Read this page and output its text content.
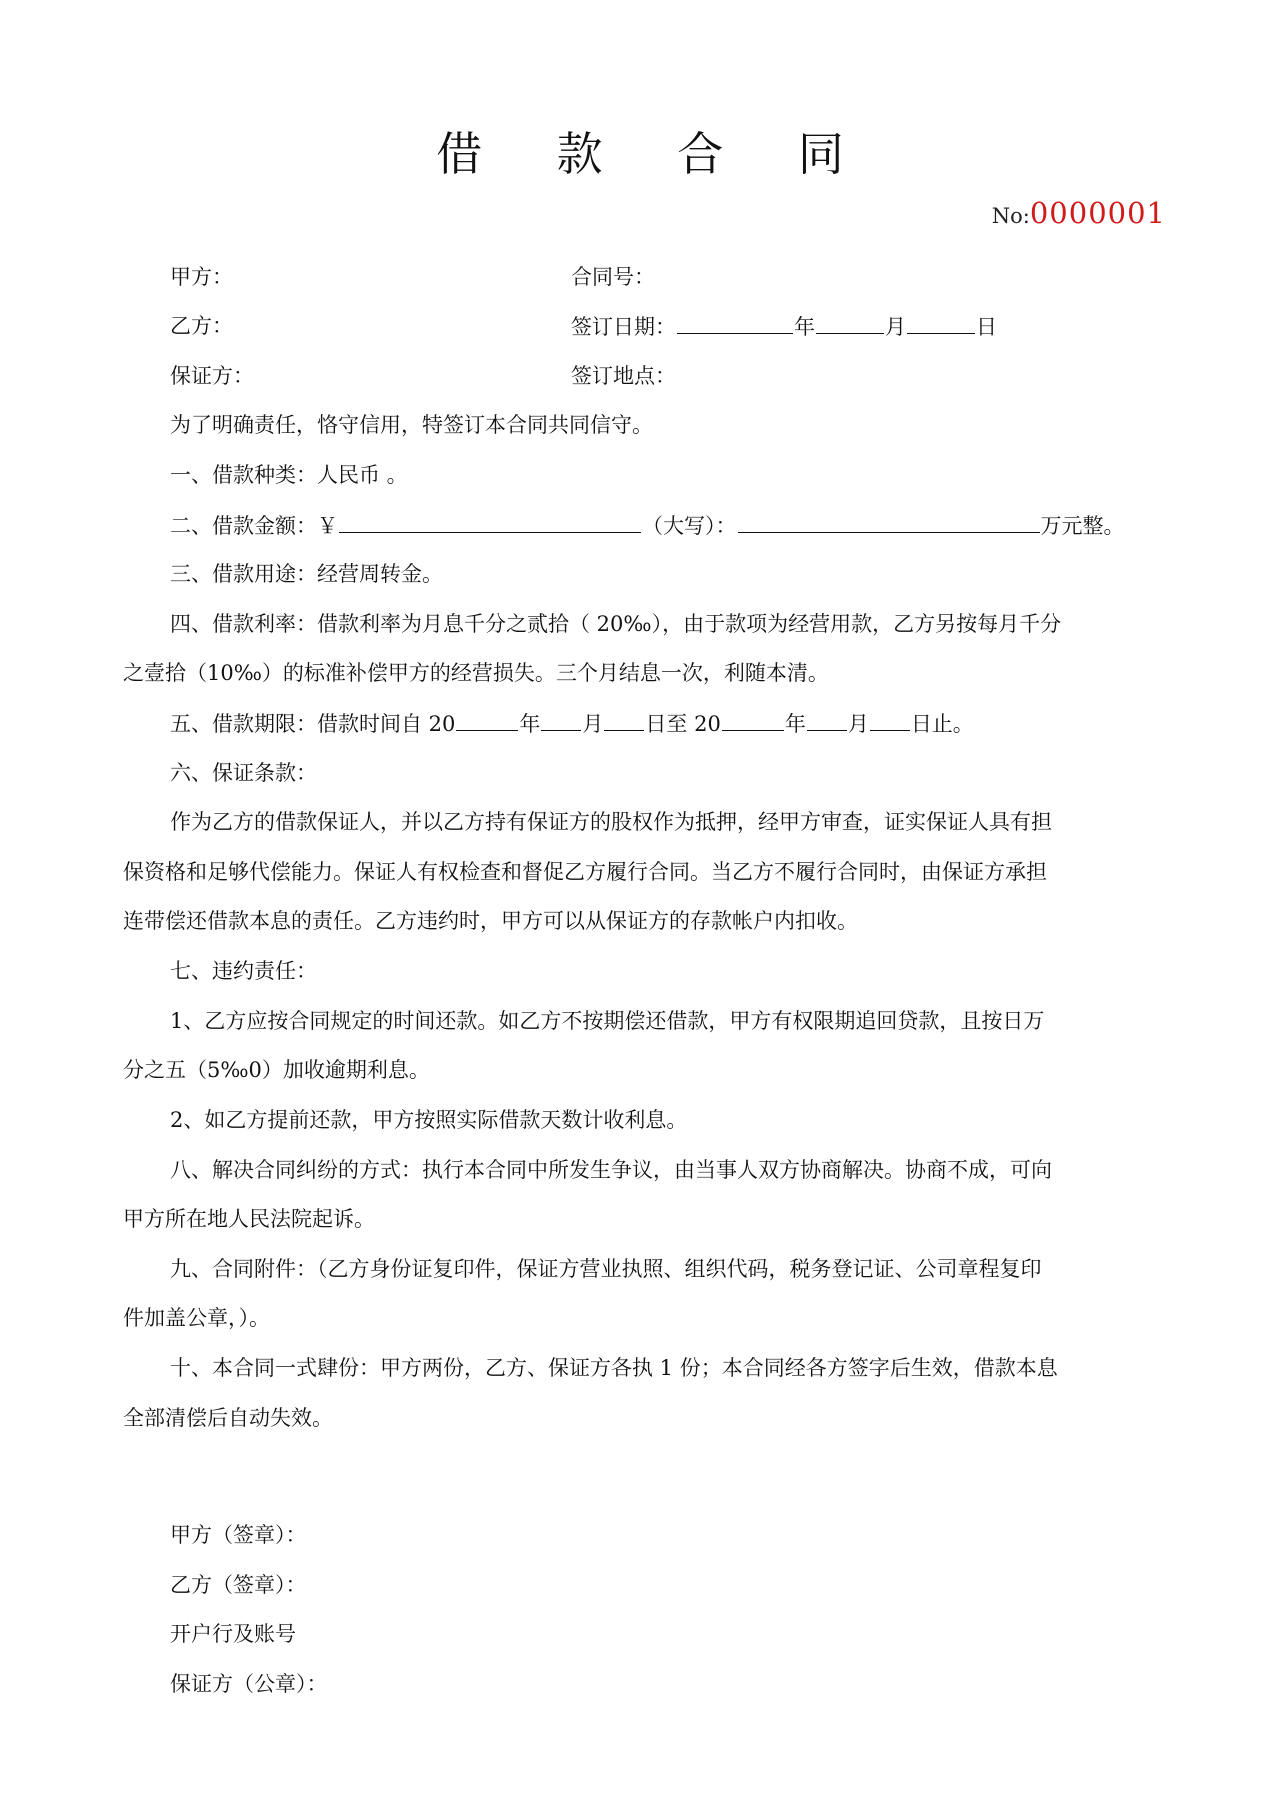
借 款 合 同
No:0000001
甲方：	合同号：
乙方：	签订日期：	年	月	日
保证方：	签订地点：
为了明确责任，恪守信用，特签订本合同共同信守。
一、借款种类：人民币 。
二、借款金额：￥	（大写）：	万元整。
三、借款用途：经营周转金。
四、借款利率：借款利率为月息千分之贰拾（ 20‰），由于款项为经营用款，乙方另按每月千分
之壹拾（10‰）的标准补偿甲方的经营损失。三个月结息一次，利随本清。
五、借款期限：借款时间自 20	年 月 日至 20	年 月 日止。
六、保证条款：
作为乙方的借款保证人，并以乙方持有保证方的股权作为抵押，经甲方审查，证实保证人具有担
保资格和足够代偿能力。保证人有权检查和督促乙方履行合同。当乙方不履行合同时，由保证方承担
连带偿还借款本息的责任。乙方违约时，甲方可以从保证方的存款帐户内扣收。
七、违约责任：
1、乙方应按合同规定的时间还款。如乙方不按期偿还借款，甲方有权限期追回贷款，且按日万
分之五（5‰0）加收逾期利息。
2、如乙方提前还款，甲方按照实际借款天数计收利息。
八、解决合同纠纷的方式：执行本合同中所发生争议，由当事人双方协商解决。协商不成，可向
甲方所在地人民法院起诉。
九、合同附件：（乙方身份证复印件，保证方营业执照、组织代码，税务登记证、公司章程复印
件加盖公章，）。
十、本合同一式肆份：甲方两份，乙方、保证方各执 1 份；本合同经各方签字后生效，借款本息
全部清偿后自动失效。
甲方（签章）：
乙方（签章）：
开户行及账号
保证方（公章）：
